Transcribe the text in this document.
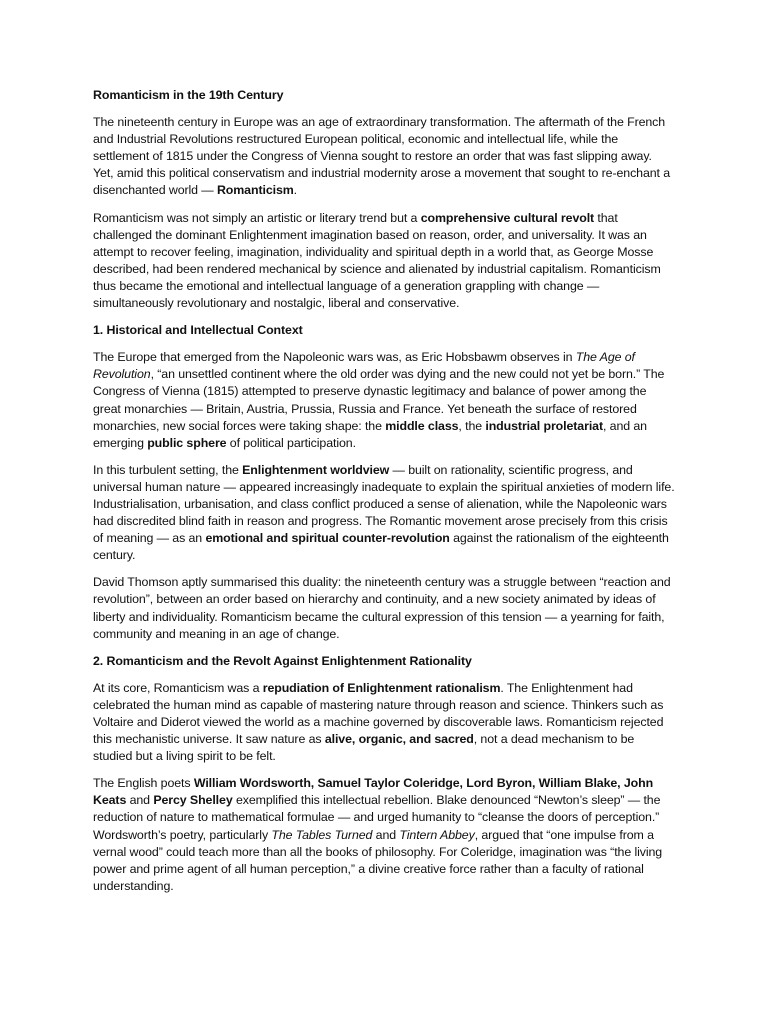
Romanticism in the 19th Century

The nineteenth century in Europe was an age of extraordinary transformation. The aftermath of the French and Industrial Revolutions restructured European political, economic and intellectual life, while the settlement of 1815 under the Congress of Vienna sought to restore an order that was fast slipping away. Yet, amid this political conservatism and industrial modernity arose a movement that sought to re-enchant a disenchanted world — Romanticism.

Romanticism was not simply an artistic or literary trend but a comprehensive cultural revolt that challenged the dominant Enlightenment imagination based on reason, order, and universality. It was an attempt to recover feeling, imagination, individuality and spiritual depth in a world that, as George Mosse described, had been rendered mechanical by science and alienated by industrial capitalism. Romanticism thus became the emotional and intellectual language of a generation grappling with change — simultaneously revolutionary and nostalgic, liberal and conservative.

1. Historical and Intellectual Context

The Europe that emerged from the Napoleonic wars was, as Eric Hobsbawm observes in The Age of Revolution, “an unsettled continent where the old order was dying and the new could not yet be born.” The Congress of Vienna (1815) attempted to preserve dynastic legitimacy and balance of power among the great monarchies — Britain, Austria, Prussia, Russia and France. Yet beneath the surface of restored monarchies, new social forces were taking shape: the middle class, the industrial proletariat, and an emerging public sphere of political participation.

In this turbulent setting, the Enlightenment worldview — built on rationality, scientific progress, and universal human nature — appeared increasingly inadequate to explain the spiritual anxieties of modern life. Industrialisation, urbanisation, and class conflict produced a sense of alienation, while the Napoleonic wars had discredited blind faith in reason and progress. The Romantic movement arose precisely from this crisis of meaning — as an emotional and spiritual counter-revolution against the rationalism of the eighteenth century.

David Thomson aptly summarised this duality: the nineteenth century was a struggle between “reaction and revolution”, between an order based on hierarchy and continuity, and a new society animated by ideas of liberty and individuality. Romanticism became the cultural expression of this tension — a yearning for faith, community and meaning in an age of change.

2. Romanticism and the Revolt Against Enlightenment Rationality

At its core, Romanticism was a repudiation of Enlightenment rationalism. The Enlightenment had celebrated the human mind as capable of mastering nature through reason and science. Thinkers such as Voltaire and Diderot viewed the world as a machine governed by discoverable laws. Romanticism rejected this mechanistic universe. It saw nature as alive, organic, and sacred, not a dead mechanism to be studied but a living spirit to be felt.

The English poets William Wordsworth, Samuel Taylor Coleridge, Lord Byron, William Blake, John Keats and Percy Shelley exemplified this intellectual rebellion. Blake denounced “Newton’s sleep” — the reduction of nature to mathematical formulae — and urged humanity to “cleanse the doors of perception.” Wordsworth’s poetry, particularly The Tables Turned and Tintern Abbey, argued that “one impulse from a vernal wood” could teach more than all the books of philosophy. For Coleridge, imagination was “the living power and prime agent of all human perception,” a divine creative force rather than a faculty of rational understanding.
